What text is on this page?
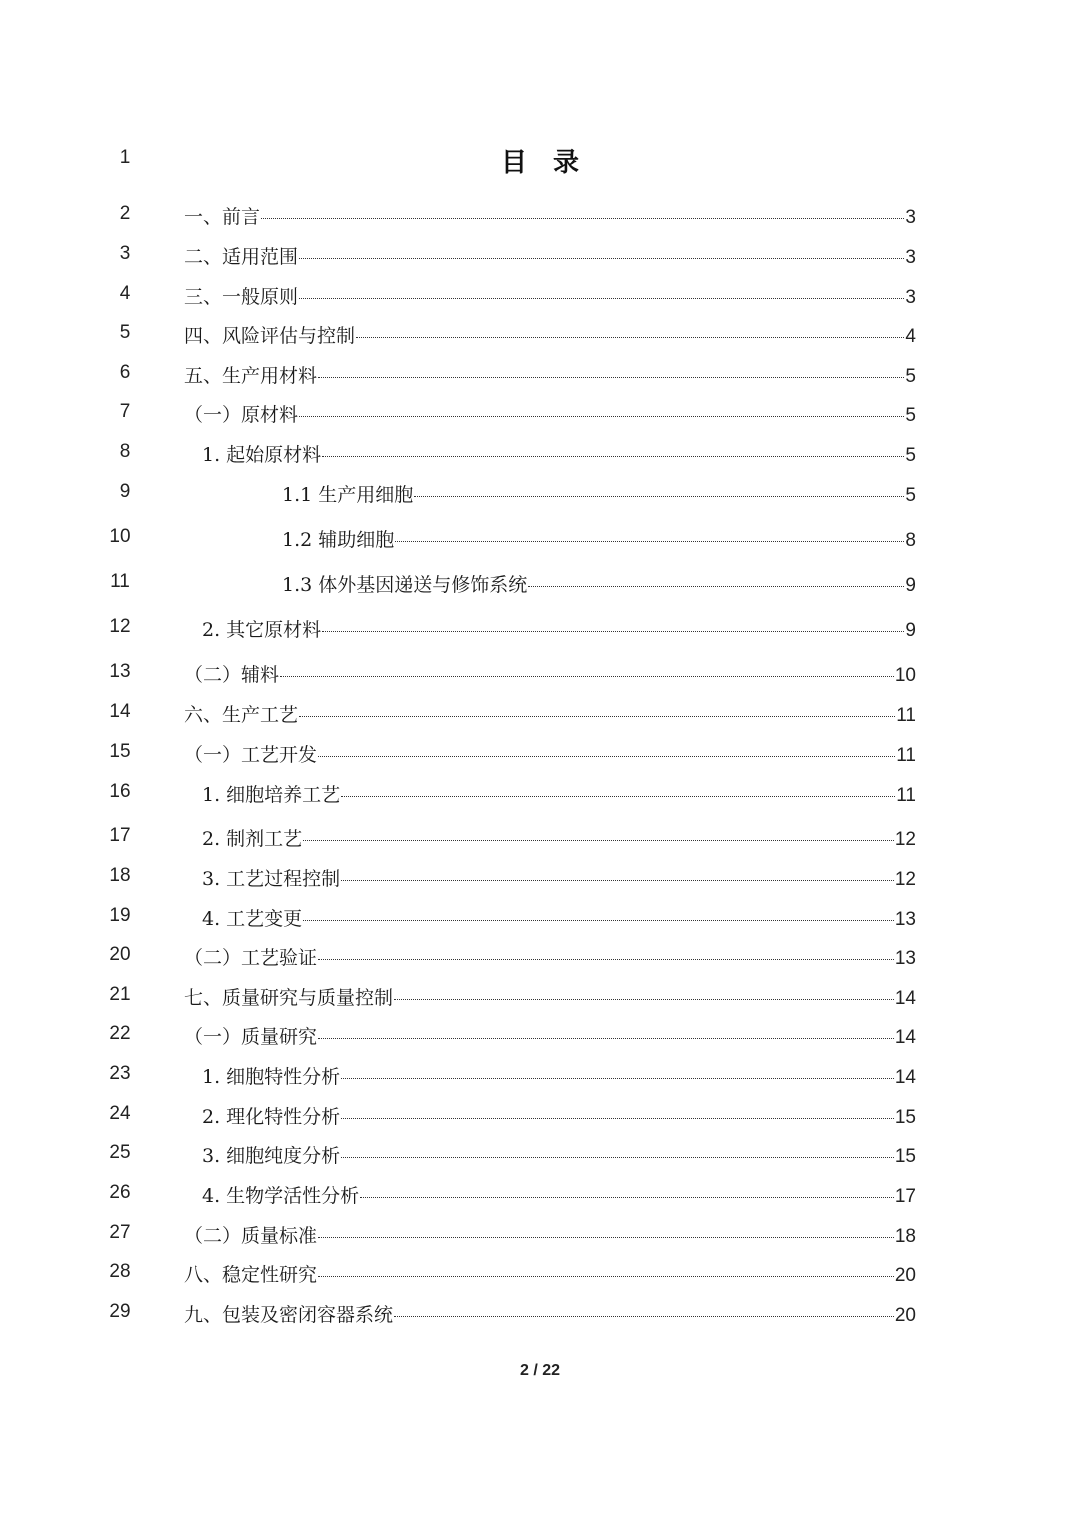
1
2
3
4
5
6
7
8
9
10
11
12
13
14
15
16
17
18
19
20
21
22
23
24
25
26
27
28
29
目录
一、前言	3
二、适用范围	3
三、一般原则	3
四、风险评估与控制	4
五、生产用材料	5
（一）原材料	5
1. 起始原材料	5
1.1 生产用细胞	5
1.2 辅助细胞	8
1.3 体外基因递送与修饰系统	9
2. 其它原材料	9
（二）辅料	10
六、生产工艺	11
（一）工艺开发	11
1. 细胞培养工艺	11
2. 制剂工艺	12
3. 工艺过程控制	12
4. 工艺变更	13
（二）工艺验证	13
七、质量研究与质量控制	14
（一）质量研究	14
1. 细胞特性分析	14
2. 理化特性分析	15
3. 细胞纯度分析	15
4. 生物学活性分析	17
（二）质量标准	18
八、稳定性研究	20
九、包装及密闭容器系统	20
2 / 22
